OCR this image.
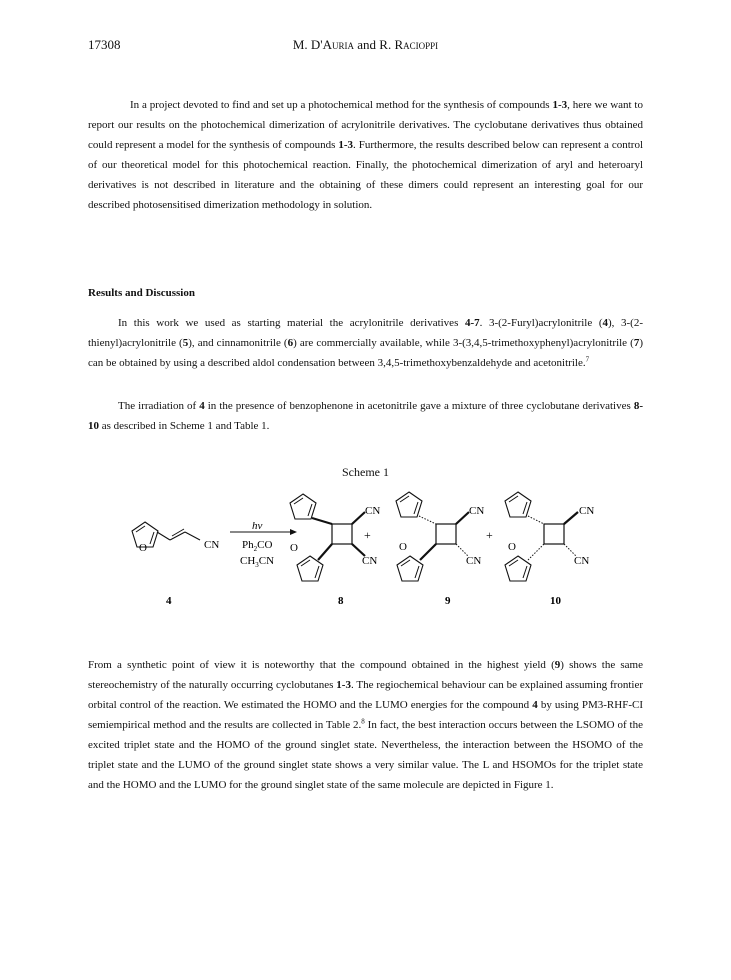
17308	M. D'Auria and R. Racioppi

In a project devoted to find and set up a photochemical method for the synthesis of compounds 1-3, here we want to report our results on the photochemical dimerization of acrylonitrile derivatives. The cyclobutane derivatives thus obtained could represent a model for the synthesis of compounds 1-3. Furthermore, the results described below can represent a control of our theoretical model for this photochemical reaction. Finally, the photochemical dimerization of aryl and heteroaryl derivatives is not described in literature and the obtaining of these dimers could represent an interesting goal for our described photosensitised dimerization methodology in solution.

Results and Discussion

In this work we used as starting material the acrylonitrile derivatives 4-7. 3-(2-Furyl)acrylonitrile (4), 3-(2-thienyl)acrylonitrile (5), and cinnamonitrile (6) are commercially available, while 3-(3,4,5-trimethoxyphenyl)acrylonitrile (7) can be obtained by using a described aldol condensation between 3,4,5-trimethoxybenzaldehyde and acetonitrile.$^7$

The irradiation of 4 in the presence of benzophenone in acetonitrile gave a mixture of three cyclobutane derivatives 8-10 as described in Scheme 1 and Table 1.

Scheme 1
O	CN
4
hν
$Ph_2CO$
$CH_3CN$
O
CN
CN
8
+
O
CN
CN
9
+
O
CN
CN
10

From a synthetic point of view it is noteworthy that the compound obtained in the highest yield (9) shows the same stereochemistry of the naturally occurring cyclobutanes 1-3. The regiochemical behaviour can be explained assuming frontier orbital control of the reaction. We estimated the HOMO and the LUMO energies for the compound 4 by using PM3-RHF-CI semiempirical method and the results are collected in Table 2.$^8$ In fact, the best interaction occurs between the LSOMO of the excited triplet state and the HOMO of the ground singlet state. Nevertheless, the interaction between the HSOMO of the triplet state and the LUMO of the ground singlet state shows a very similar value. The L and HSOMOs for the triplet state and the HOMO and the LUMO for the ground singlet state of the same molecule are depicted in Figure 1.
